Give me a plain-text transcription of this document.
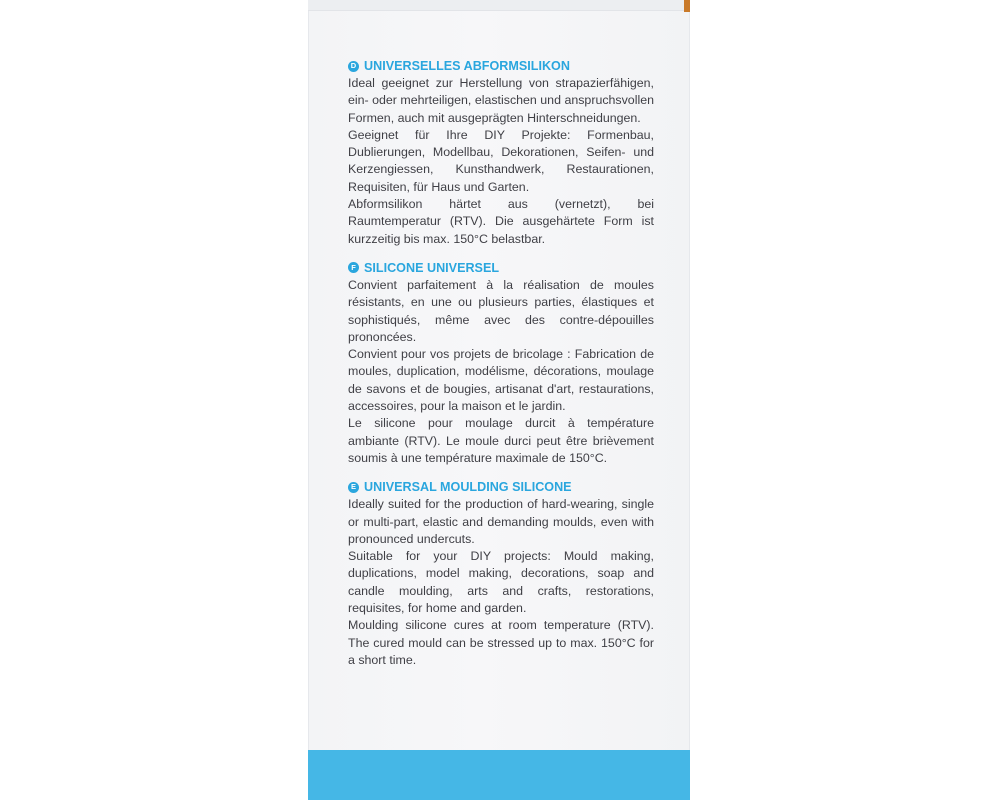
D UNIVERSELLES ABFORMSILIKON

Ideal geeignet zur Herstellung von strapazierfähigen, ein- oder mehrteiligen, elastischen und anspruchsvollen Formen, auch mit ausgeprägten Hinterschneidungen.

Geeignet für Ihre DIY Projekte: Formenbau, Dublierungen, Modellbau, Dekorationen, Seifen- und Kerzengiessen, Kunsthandwerk, Restaurationen, Requisiten, für Haus und Garten.

Abformsilikon härtet aus (vernetzt), bei Raumtemperatur (RTV). Die ausgehärtete Form ist kurzzeitig bis max. 150°C belastbar.

F SILICONE UNIVERSEL

Convient parfaitement à la réalisation de moules résistants, en une ou plusieurs parties, élastiques et sophistiqués, même avec des contre-dépouilles prononcées.

Convient pour vos projets de bricolage : Fabrication de moules, duplication, modélisme, décorations, moulage de savons et de bougies, artisanat d'art, restaurations, accessoires, pour la maison et le jardin.

Le silicone pour moulage durcit à température ambiante (RTV). Le moule durci peut être brièvement soumis à une température maximale de 150°C.

E UNIVERSAL MOULDING SILICONE

Ideally suited for the production of hard-wearing, single or multi-part, elastic and demanding moulds, even with pronounced undercuts.

Suitable for your DIY projects: Mould making, duplications, model making, decorations, soap and candle moulding, arts and crafts, restorations, requisites, for home and garden.

Moulding silicone cures at room temperature (RTV). The cured mould can be stressed up to max. 150°C for a short time.
